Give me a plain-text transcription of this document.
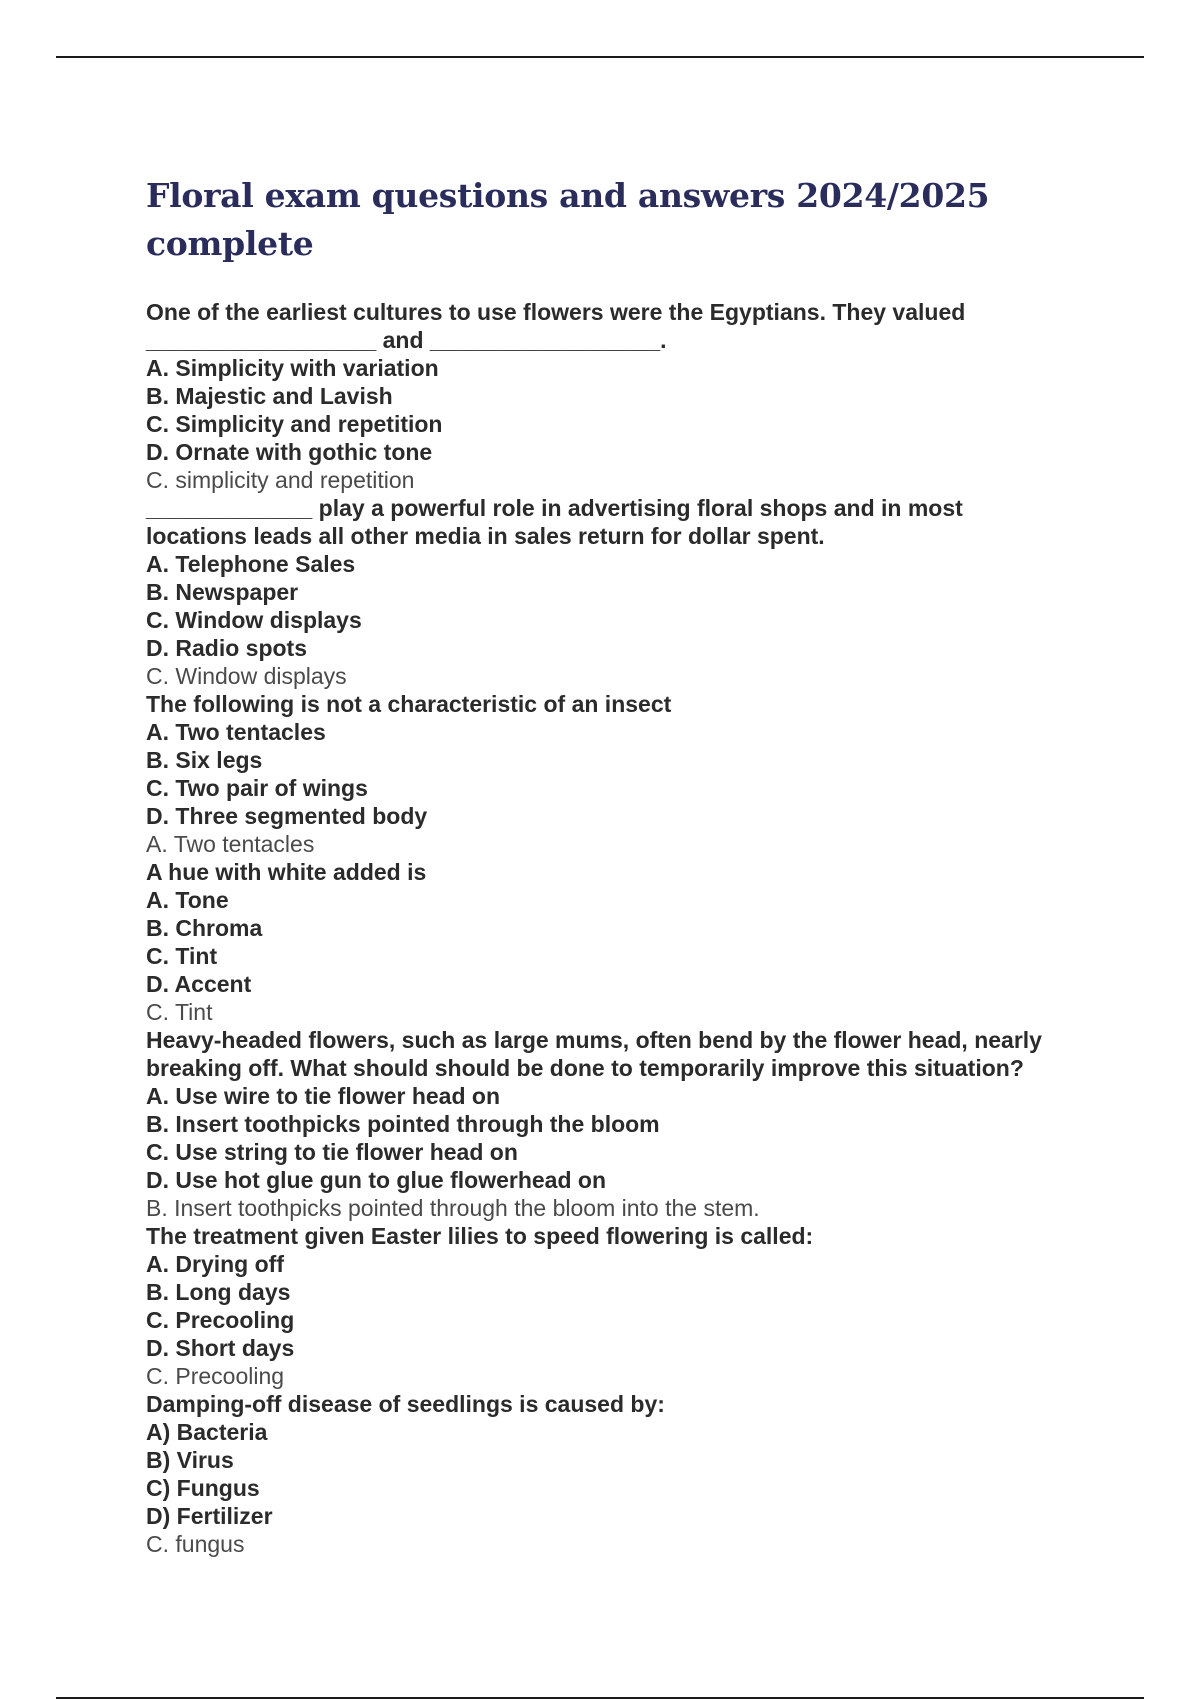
Floral exam questions and answers 2024/2025 complete

One of the earliest cultures to use flowers were the Egyptians. They valued __________________ and __________________.

A. Simplicity with variation

B. Majestic and Lavish

C. Simplicity and repetition

D. Ornate with gothic tone

C. simplicity and repetition

_____________ play a powerful role in advertising floral shops and in most locations leads all other media in sales return for dollar spent.

A. Telephone Sales

B. Newspaper

C. Window displays

D. Radio spots

C. Window displays

The following is not a characteristic of an insect

A. Two tentacles

B. Six legs

C. Two pair of wings

D. Three segmented body

A. Two tentacles

A hue with white added is

A. Tone

B. Chroma

C. Tint

D. Accent

C. Tint

Heavy-headed flowers, such as large mums, often bend by the flower head, nearly breaking off. What should should be done to temporarily improve this situation?

A. Use wire to tie flower head on

B. Insert toothpicks pointed through the bloom

C. Use string to tie flower head on

D. Use hot glue gun to glue flowerhead on

B. Insert toothpicks pointed through the bloom into the stem.

The treatment given Easter lilies to speed flowering is called:

A. Drying off

B. Long days

C. Precooling

D. Short days

C. Precooling

Damping-off disease of seedlings is caused by:

A) Bacteria

B) Virus

C) Fungus

D) Fertilizer

C. fungus
